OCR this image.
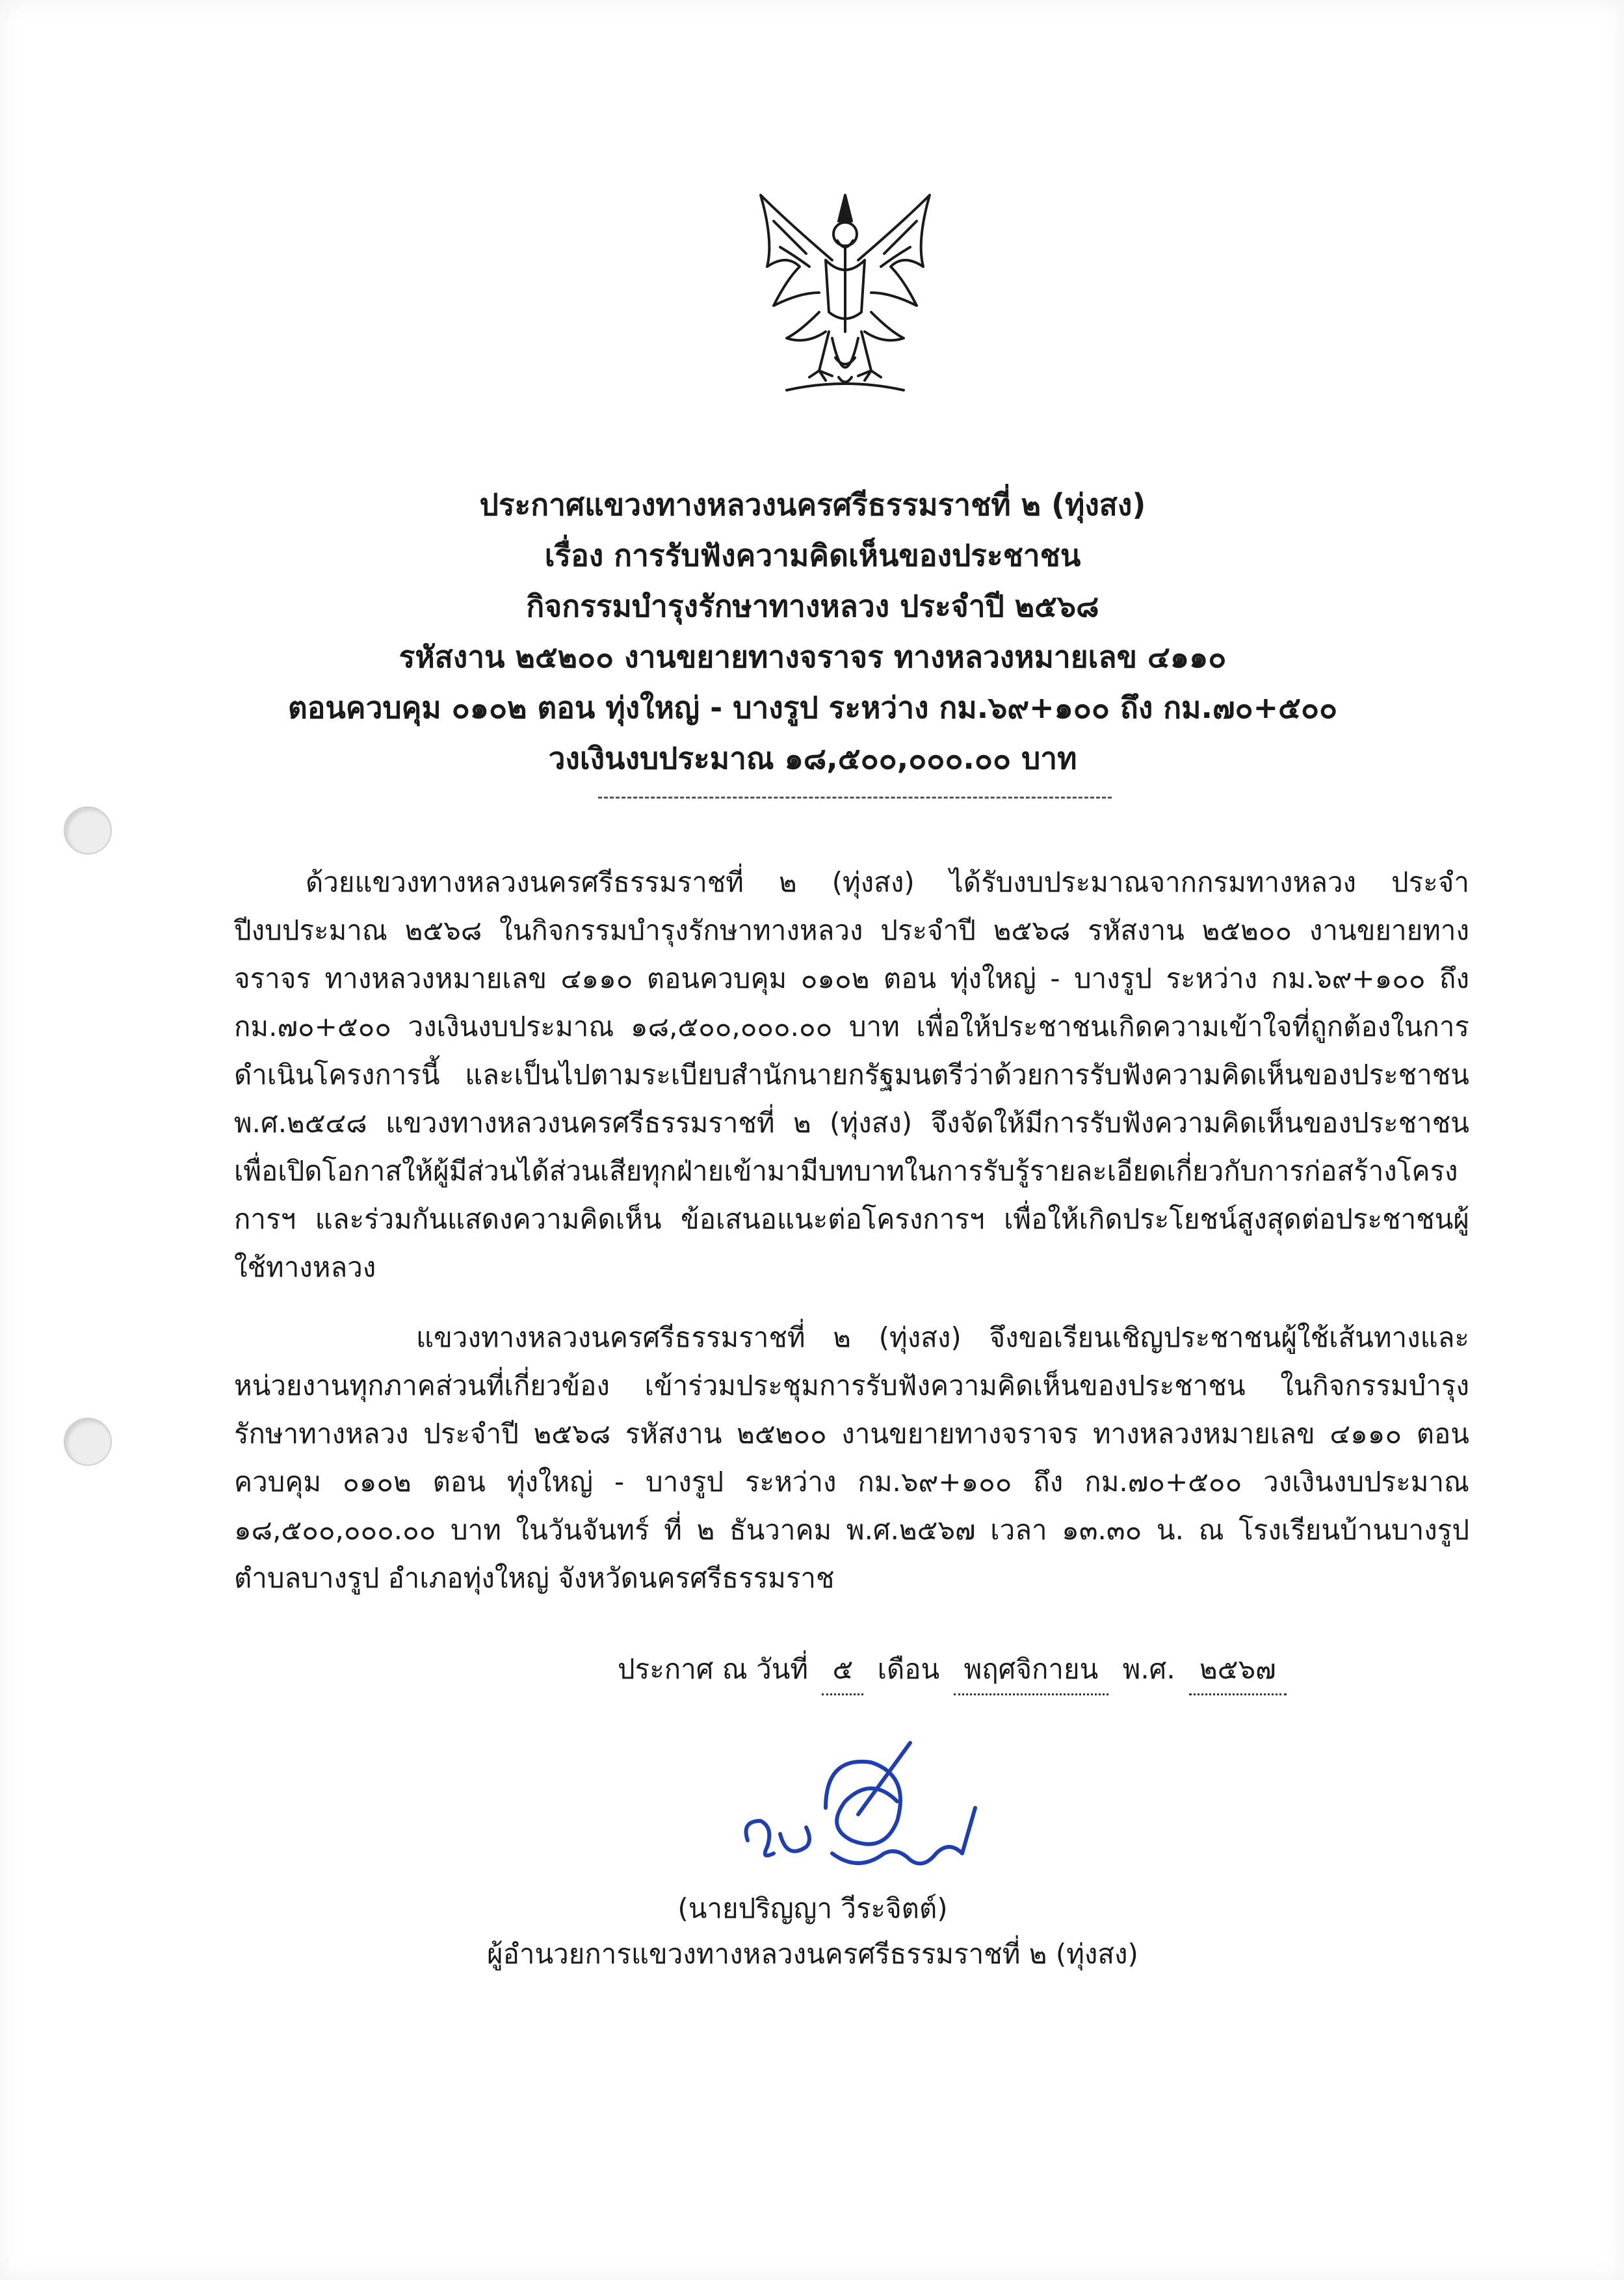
ประกาศแขวงทางหลวงนครศรีธรรมราชที่ ๒ (ทุ่งสง)
เรื่อง การรับฟังความคิดเห็นของประชาชน
กิจกรรมบำรุงรักษาทางหลวง ประจำปี ๒๕๖๘
รหัสงาน ๒๕๒๐๐ งานขยายทางจราจร ทางหลวงหมายเลข ๔๑๑๐
ตอนควบคุม ๐๑๐๒ ตอน ทุ่งใหญ่ - บางรูป ระหว่าง กม.๖๙+๑๐๐ ถึง กม.๗๐+๕๐๐
วงเงินงบประมาณ ๑๘,๕๐๐,๐๐๐.๐๐ บาท
ด้วยแขวงทางหลวงนครศรีธรรมราชที่ ๒ (ทุ่งสง) ได้รับงบประมาณจากกรมทางหลวง ประจำปีงบประมาณ ๒๕๖๘ ในกิจกรรมบำรุงรักษาทางหลวง ประจำปี ๒๕๖๘ รหัสงาน ๒๕๒๐๐ งานขยายทางจราจร ทางหลวงหมายเลข ๔๑๑๐ ตอนควบคุม ๐๑๐๒ ตอน ทุ่งใหญ่ - บางรูป ระหว่าง กม.๖๙+๑๐๐ ถึง กม.๗๐+๕๐๐ วงเงินงบประมาณ ๑๘,๕๐๐,๐๐๐.๐๐ บาท เพื่อให้ประชาชนเกิดความเข้าใจที่ถูกต้องในการดำเนินโครงการนี้ และเป็นไปตามระเบียบสำนักนายกรัฐมนตรีว่าด้วยการรับฟังความคิดเห็นของประชาชน พ.ศ.๒๕๔๘ แขวงทางหลวงนครศรีธรรมราชที่ ๒ (ทุ่งสง) จึงจัดให้มีการรับฟังความคิดเห็นของประชาชน เพื่อเปิดโอกาสให้ผู้มีส่วนได้ส่วนเสียทุกฝ่ายเข้ามามีบทบาทในการรับรู้รายละเอียดเกี่ยวกับการก่อสร้างโครงการฯ และร่วมกันแสดงความคิดเห็น ข้อเสนอแนะต่อโครงการฯ เพื่อให้เกิดประโยชน์สูงสุดต่อประชาชนผู้ใช้ทางหลวง
แขวงทางหลวงนครศรีธรรมราชที่ ๒ (ทุ่งสง) จึงขอเรียนเชิญประชาชนผู้ใช้เส้นทางและหน่วยงานทุกภาคส่วนที่เกี่ยวข้อง เข้าร่วมประชุมการรับฟังความคิดเห็นของประชาชน ในกิจกรรมบำรุงรักษาทางหลวง ประจำปี ๒๕๖๘ รหัสงาน ๒๕๒๐๐ งานขยายทางจราจร ทางหลวงหมายเลข ๔๑๑๐ ตอนควบคุม ๐๑๐๒ ตอน ทุ่งใหญ่ - บางรูป ระหว่าง กม.๖๙+๑๐๐ ถึง กม.๗๐+๕๐๐ วงเงินงบประมาณ ๑๘,๕๐๐,๐๐๐.๐๐ บาท ในวันจันทร์ ที่ ๒ ธันวาคม พ.ศ.๒๕๖๗ เวลา ๑๓.๓๐ น. ณ โรงเรียนบ้านบางรูป ตำบลบางรูป อำเภอทุ่งใหญ่ จังหวัดนครศรีธรรมราช
ประกาศ ณ วันที่ ๕ เดือน พฤศจิกายน พ.ศ. ๒๕๖๗
(นายปริญญา วีระจิตต์)
ผู้อำนวยการแขวงทางหลวงนครศรีธรรมราชที่ ๒ (ทุ่งสง)
